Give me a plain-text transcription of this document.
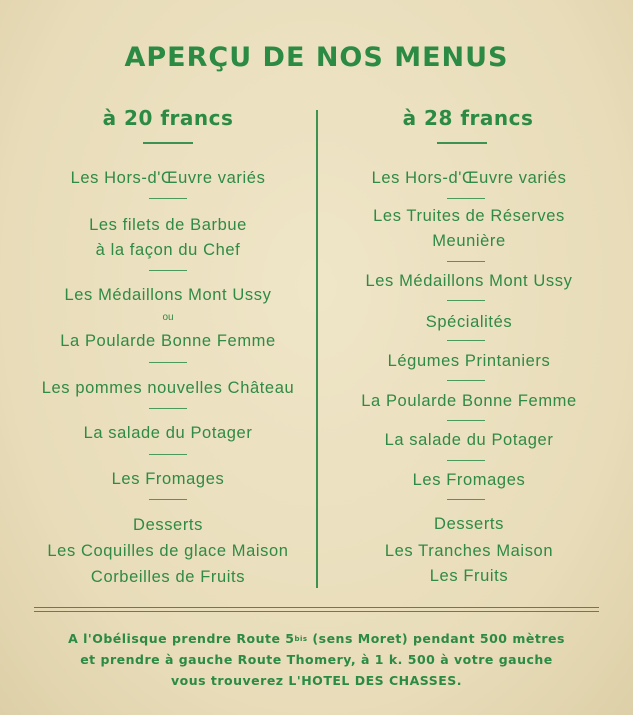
APERÇU DE NOS MENUS
à 20 francs	à 28 francs
Les Hors-d'Œuvre variés
Les filets de Barbue
à la façon du Chef
Les Médaillons Mont Ussy
ou
La Poularde Bonne Femme
Les pommes nouvelles Château
La salade du Potager
Les Fromages
Desserts
Les Coquilles de glace Maison
Corbeilles de Fruits
Les Hors-d'Œuvre variés
Les Truites de Réserves
Meunière
Les Médaillons Mont Ussy
Spécialités
Légumes Printaniers
La Poularde Bonne Femme
La salade du Potager
Les Fromages
Desserts
Les Tranches Maison
Les Fruits
A l'Obélisque prendre Route $5^{bis}$ (sens Moret) pendant 500 mètres
et prendre à gauche Route Thomery, à 1 k. 500 à votre gauche
vous trouverez L'HOTEL DES CHASSES.
